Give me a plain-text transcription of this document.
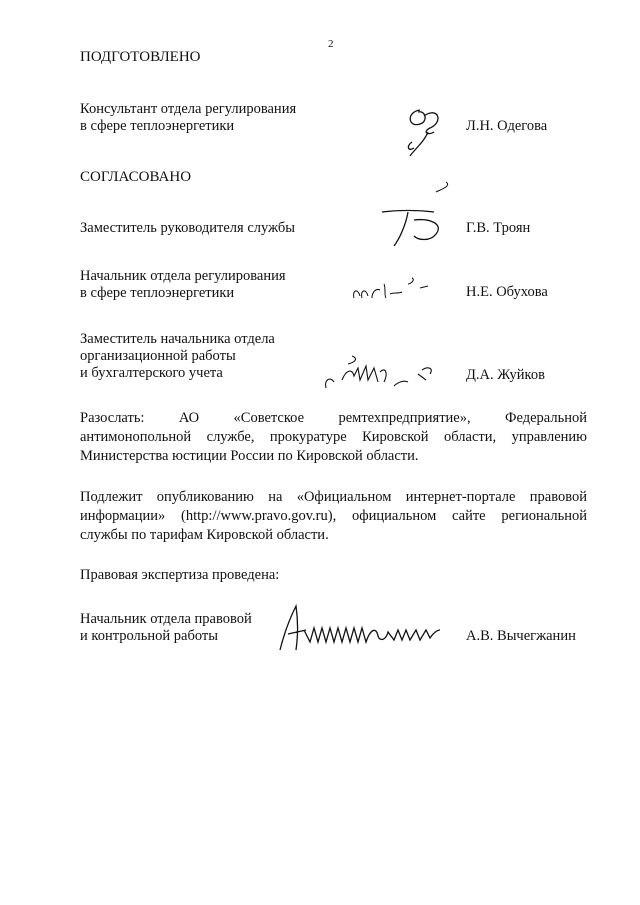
2
ПОДГОТОВЛЕНО
Консультант отдела регулирования
в сфере теплоэнергетики	Л.Н. Одегова
СОГЛАСОВАНО
Заместитель руководителя службы	Г.В. Троян
Начальник отдела регулирования
в сфере теплоэнергетики	Н.Е. Обухова
Заместитель начальника отдела
организационной работы
и бухгалтерского учета	Д.А. Жуйков
Разослать:   АО   «Советское   ремтехпредприятие»,   Федеральной
антимонопольной службе, прокуратуре Кировской области, управлению
Министерства юстиции России по Кировской области.
Подлежит опубликованию на «Официальном интернет-портале правовой
информации» (http://www.pravo.gov.ru), официальном сайте региональной
службы по тарифам Кировской области.
Правовая экспертиза проведена:
Начальник отдела правовой
и контрольной работы	А.В. Вычегжанин
